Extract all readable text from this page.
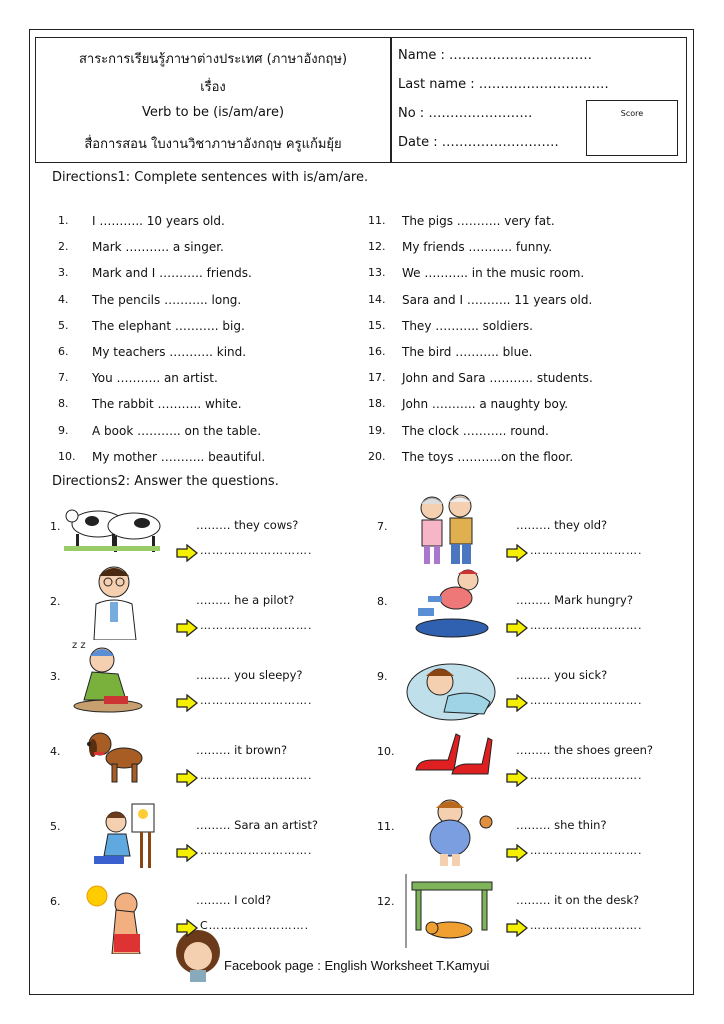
สาระการเรียนรู้ภาษาต่างประเทศ (ภาษาอังกฤษ)
เรื่อง
Verb to be (is/am/are)
สื่อการสอน ใบงานวิชาภาษาอังกฤษ ครูแก้มยุ้ย
Name : ……………………………
Last name : …………………………
No : ……………………
Date : ………………………
Score
Directions1: Complete sentences with is/am/are.
Directions2: Answer the questions.
z z
Facebook page : English Worksheet T.Kamyui
1. I ……….. 10 years old.
2. Mark ……….. a singer.
3. Mark and I ……….. friends.
4. The pencils ……….. long.
5. The elephant ……….. big.
6. My teachers ……….. kind.
7. You ……….. an artist.
8. The rabbit ……….. white.
9. A book ……….. on the table.
10. My mother ……….. beautiful.
11. The pigs ……….. very fat.
12. My friends ……….. funny.
13. We ……….. in the music room.
14. Sara and I ……….. 11 years old.
15. They ……….. soldiers.
16. The bird ……….. blue.
17. John and Sara ……….. students.
18. John ……….. a naughty boy.
19. The clock ……….. round.
20. The toys ………..on the floor.
1.	……… they cows?
……………………….
2.	……… he a pilot?
……………………….
3.	……… you sleepy?
……………………….
4.	……… it brown?
……………………….
5.	……… Sara an artist?
……………………….
6.	……… I cold?
C…………………….
7.	……… they old?
……………………….
8.	……… Mark hungry?
……………………….
9.	……… you sick?
……………………….
10.	……… the shoes green?
……………………….
11.	……… she thin?
……………………….
12.	……… it on the desk?
……………………….
